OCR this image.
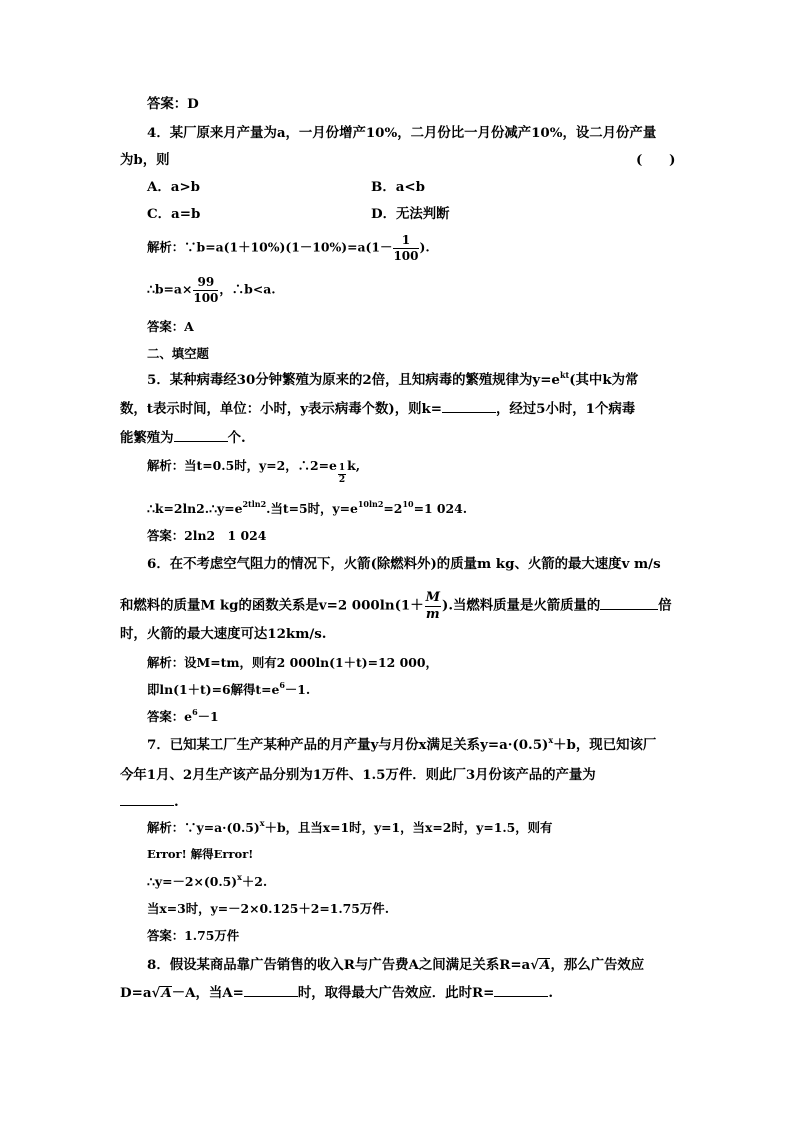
答案：D
4．某厂原来月产量为a，一月份增产10%，二月份比一月份减产10%，设二月份产量
为b，则	(　　)
A．a>b	B．a<b
C．a=b	D．无法判断
解析：∵b=a(1＋10%)(1－10%)=a(1－ $\frac{1}{100}$ ).
∴b=a× $\frac{99}{100}$ ，∴b<a.
答案：A
二、填空题
5．某种病毒经30分钟繁殖为原来的2倍，且知病毒的繁殖规律为$y=e^{kt}$(其中k为常
数，t表示时间，单位：小时，y表示病毒个数)，则k=	，经过5小时，1个病毒
能繁殖为	个.
解析：当t=0.5时，y=2，∴2=e $\frac{1}{2} k$,
$\therefore k=2\ln 2.\therefore y=e^{2tln2}$.当t=5时，$y=e^{10ln2}=2^{10}=1$ 024.
答案：2ln2　1 024
6．在不考虑空气阻力的情况下，火箭(除燃料外)的质量m kg、火箭的最大速度v m/s
和燃料的质量M kg的函数关系是v=2 $000\ln(1+ \frac{M}{m}$ ).当燃料质量是火箭质量的	倍
时，火箭的最大速度可达12km/s.
解析：设M=tm，则有2 000ln(1＋t)=12 000，
即ln(1＋t)=6解得$t=e^6-1$.
答案：$e^6-1$
7．已知某工厂生产某种产品的月产量y与月份x满足关系$y=a\cdot(0.5)^x+b$，现已知该厂
今年1月、2月生产该产品分别为1万件、1.5万件．则此厂3月份该产品的产量为
.
解析：$\because y=a\cdot(0.5)^x+b$，且当x=1时，y=1，当x=2时，y=1.5，则有
Error! 解得Error!
$\therefore y=-2\times(0.5)^x+2$.
当x=3时，y=－2×0.125＋2=1.75万件.
答案：1.75万件
8．假设某商品靠广告销售的收入R与广告费A之间满足关系R=a√A，那么广告效应
D=a√A－A，当A=	时，取得最大广告效应．此时R=	.
